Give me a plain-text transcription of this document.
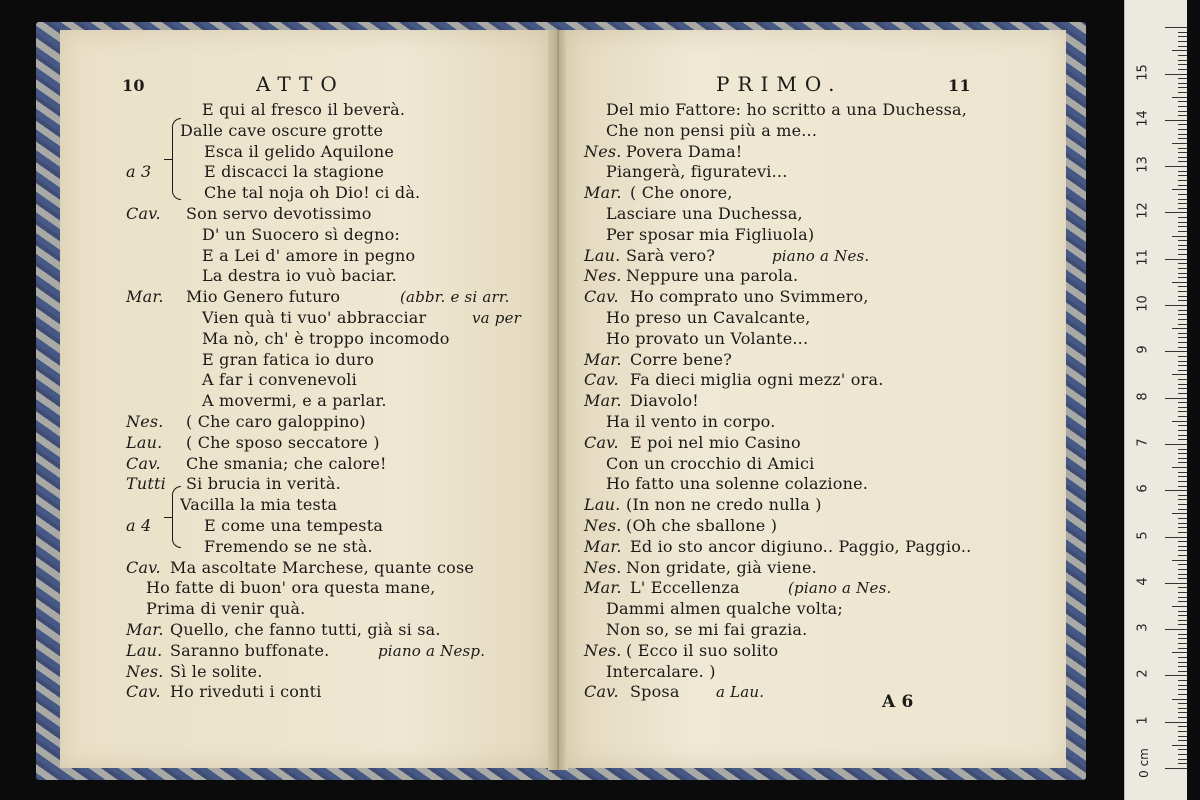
10	ATTO
E qui al fresco il beverà.
Dalle cave oscure grotte
Esca il gelido Aquilone
a 3	E discacci la stagione
Che tal noja oh Dio! ci dà.
Cav. Son servo devotissimo
D' un Suocero sì degno:
E a Lei d' amore in pegno
La destra io vuò baciar.
Mar. Mio Genero futuro	(abbr. e si arr.
Vien quà ti vuo' abbracciar	va per
Ma nò, ch' è troppo incomodo
E gran fatica io duro
A far i convenevoli
A movermi, e a parlar.
Nes. ( Che caro galoppino)
Lau. ( Che sposo seccatore )
Cav. Che smania; che calore!
Tutti Si brucia in verità.
Vacilla la mia testa
a 4	E come una tempesta
Fremendo se ne stà.
Cav. Ma ascoltate Marchese, quante cose
Ho fatte di buon' ora questa mane,
Prima di venir quà.
Mar. Quello, che fanno tutti, già si sa.
Lau. Saranno buffonate.	piano a Nesp.
Nes. Sì le solite.
Cav. Ho riveduti i conti
PRIMO.	11
Del mio Fattore: ho scritto a una Duchessa,
Che non pensi più a me...
Nes. Povera Dama!
Piangerà, figuratevi...
Mar. ( Che onore,
Lasciare una Duchessa,
Per sposar mia Figliuola)
Lau. Sarà vero?	piano a Nes.
Nes. Neppure una parola.
Cav. Ho comprato uno Svimmero,
Ho preso un Cavalcante,
Ho provato un Volante...
Mar. Corre bene?
Cav. Fa dieci miglia ogni mezz' ora.
Mar. Diavolo!
Ha il vento in corpo.
Cav. E poi nel mio Casino
Con un crocchio di Amici
Ho fatto una solenne colazione.
Lau. (In non ne credo nulla )
Nes. (Oh che sballone )
Mar. Ed io sto ancor digiuno.. Paggio, Paggio..
Nes. Non gridate, già viene.
Mar. L' Eccellenza	(piano a Nes.
Dammi almen qualche volta;
Non so, se mi fai grazia.
Nes. ( Ecco il suo solito
Intercalare. )
Cav. Sposa a Lau.	A 6
0 cm
1
2
3
4
5
6
7
8
9
10
11
12
13
14
15
